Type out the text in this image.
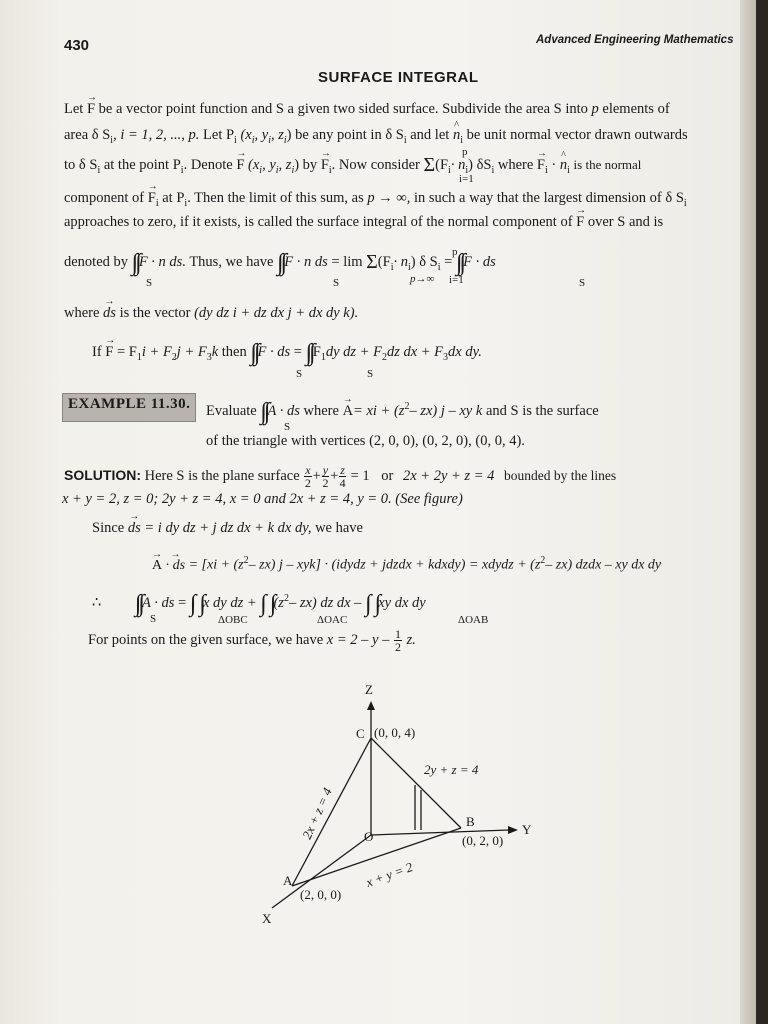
430	Advanced Engineering Mathematics
SURFACE INTEGRAL
Let → F be a vector point function and S a given two sided surface. Subdivide the area S into p elements of
area δ $S_i$, i = 1, 2, ..., p. Let $P_i$ ($x_i$, $y_i$, $z_i$) be any point in δ $S_i$ and let ^ $n_i$ be unit normal vector drawn outwards
to δ $S_i$ at the point $P_i$. Denote → F ($x_i$, $y_i$, $z_i$) by → $F_i$. Now consider $\Sigma(F_i\cdot n_i)$ $\delta S_i$ where → $F_i$ · ^ $n_i$ is the normal
p
i=1
component of → $F_i$ at $P_i$. Then the limit of this sum, as p → ∞, in such a way that the largest dimension of δ $S_i$
approaches to zero, if it exists, is called the surface integral of the normal component of → F over S and is
denoted by ∫∫F · n ds. Thus, we have ∫∫F · n ds = $\lim \Sigma(F_i\cdot n_i)$ δ $S_i = \int\int F$ · ds
S	S	p→∞
p
i=1	S
where → ds is the vector (dy dz i + dz dx j + dx dy k).
$If \to F = F_1i + F_2j + F_3k$ then ∫∫F · ds = $\int\int F_1dy$ dz + $F_2dz$ dx + $F_3dx$ dy.
S	S
EXAMPLE 11.30. Evaluate ∫∫A · ds where → A= xi + ($z^2-$ zx) j – xy k and S is the surface
S
of the triangle with vertices (2, 0, 0), (0, 2, 0), (0, 0, 4).
SOLUTION: Here S is the plane surface $\frac{x}{2} + \frac{y}{2} + \frac{z}{4} = 1$ or 2x + 2y + z = 4 bounded by the lines
x + y = 2, z = 0; 2y + z = 4, x = 0 and 2x + z = 4, y = 0. (See figure)
Since → ds = i dy dz + j dz dx + k dx dy, we have
→ A → · ds = [$xi + (z^2-$ zx) j – xyk] · (idydz + jdzdx + kdxdy) = xdydz + ($z^2-$ zx) dzdx – xy dx dy
∴ ∫∫A · ds = ∫  ∫x dy dz + ∫  $\int(z^2-$ zx) dz dx – ∫  ∫xy dx dy
S	ΔOBC	ΔOAC	ΔOAB
For points on the given surface, we have $x = 2 - y - \frac{1}{2} z$.
Z
Y
X
C (0, 0, 4)
B
(0, 2, 0)
A
(2, 0, 0)
O
2y + z = 4
2x + z = 4
x + y = 2
